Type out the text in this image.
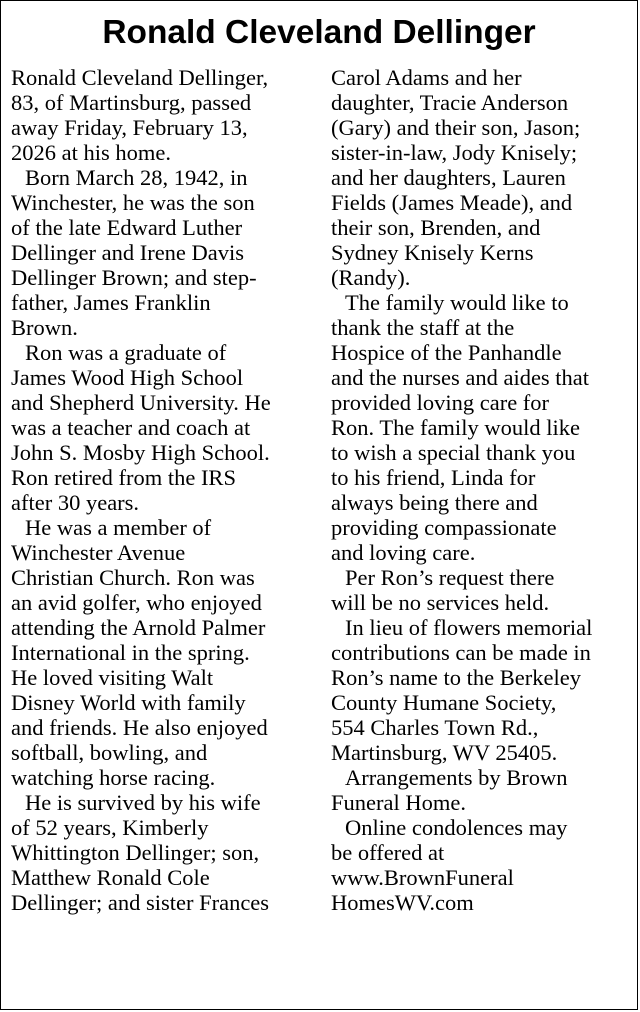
Ronald Cleveland Dellinger
Ronald Cleveland Dellinger,
83, of Martinsburg, passed
away Friday, February 13,
2026 at his home.
Born March 28, 1942, in
Winchester, he was the son
of the late Edward Luther
Dellinger and Irene Davis
Dellinger Brown; and step-
father, James Franklin
Brown.
Ron was a graduate of
James Wood High School
and Shepherd University. He
was a teacher and coach at
John S. Mosby High School.
Ron retired from the IRS
after 30 years.
He was a member of
Winchester Avenue
Christian Church. Ron was
an avid golfer, who enjoyed
attending the Arnold Palmer
International in the spring.
He loved visiting Walt
Disney World with family
and friends. He also enjoyed
softball, bowling, and
watching horse racing.
He is survived by his wife
of 52 years, Kimberly
Whittington Dellinger; son,
Matthew Ronald Cole
Dellinger; and sister Frances
Carol Adams and her
daughter, Tracie Anderson
(Gary) and their son, Jason;
sister-in-law, Jody Knisely;
and her daughters, Lauren
Fields (James Meade), and
their son, Brenden, and
Sydney Knisely Kerns
(Randy).
The family would like to
thank the staff at the
Hospice of the Panhandle
and the nurses and aides that
provided loving care for
Ron. The family would like
to wish a special thank you
to his friend, Linda for
always being there and
providing compassionate
and loving care.
Per Ron’s request there
will be no services held.
In lieu of flowers memorial
contributions can be made in
Ron’s name to the Berkeley
County Humane Society,
554 Charles Town Rd.,
Martinsburg, WV 25405.
Arrangements by Brown
Funeral Home.
Online condolences may
be offered at
www.BrownFuneral
HomesWV.com
